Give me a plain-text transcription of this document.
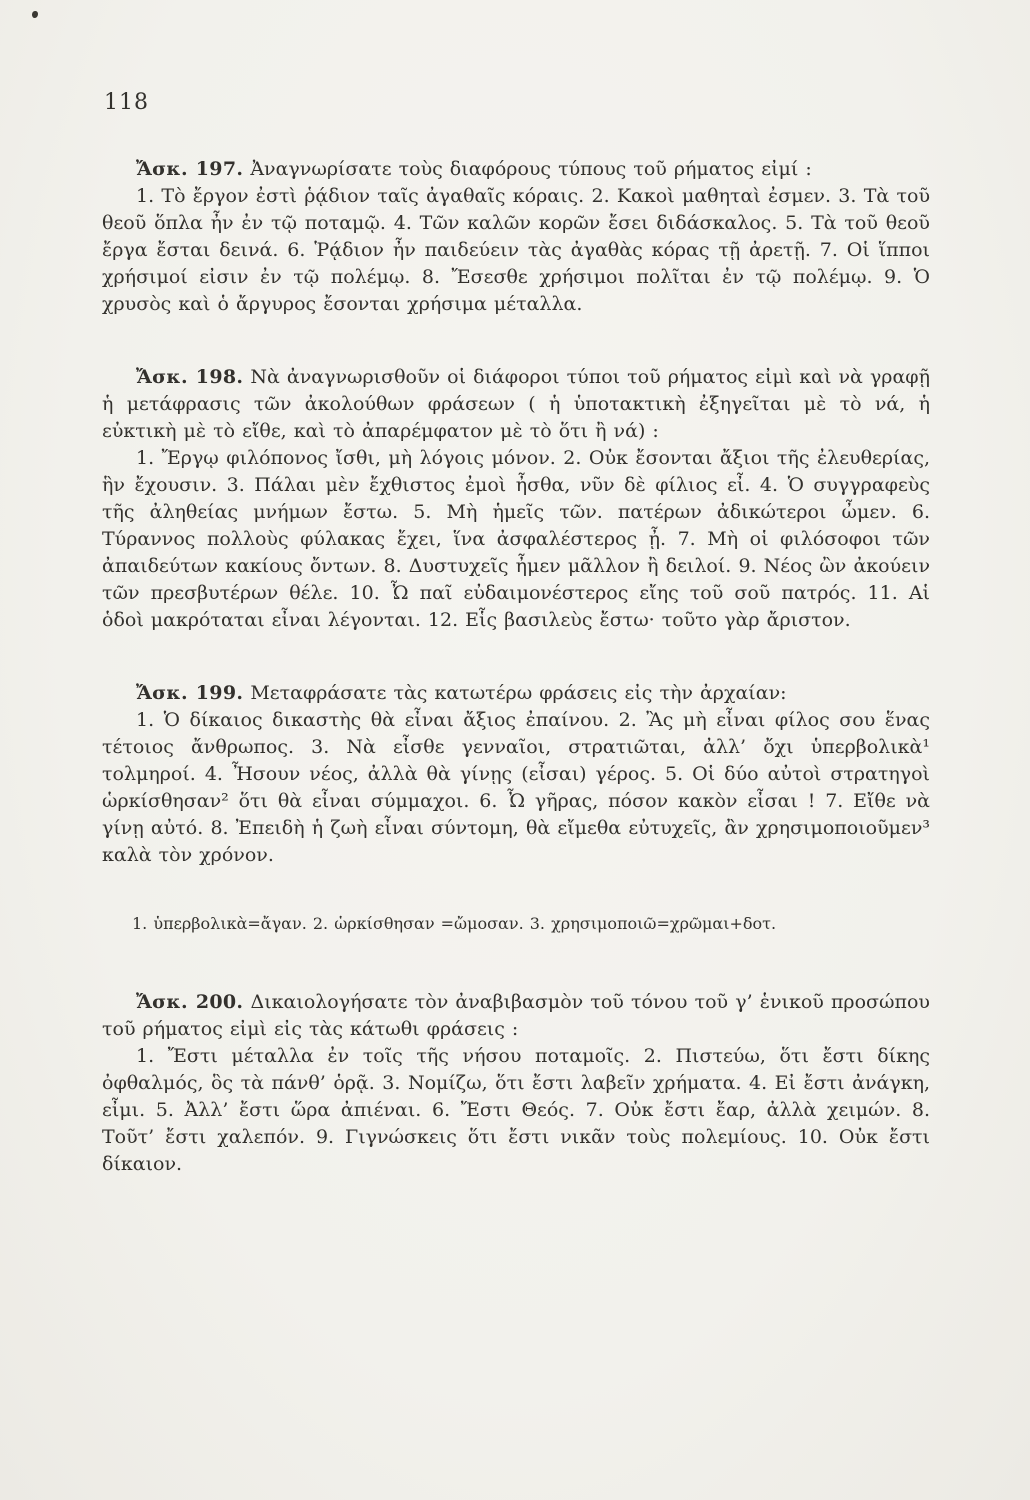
118

Ἄσκ. 197. Ἀναγνωρίσατε τοὺς διαφόρους τύπους τοῦ ρήματος εἰμί :

1. Τὸ ἔργον ἐστὶ ῥᾴδιον ταῖς ἀγαθαῖς κόραις. 2. Κακοὶ μαθηταὶ ἐσμεν. 3. Τὰ τοῦ θεοῦ ὅπλα ἦν ἐν τῷ ποταμῷ. 4. Τῶν καλῶν κορῶν ἔσει διδάσκαλος. 5. Τὰ τοῦ θεοῦ ἔργα ἔσται δεινά. 6. Ῥᾴδιον ἦν παιδεύειν τὰς ἀγαθὰς κόρας τῇ ἀρετῇ. 7. Οἱ ἵπποι χρήσιμοί εἰσιν ἐν τῷ πολέμῳ. 8. Ἔσεσθε χρήσιμοι πολῖται ἐν τῷ πολέμῳ. 9. Ὁ χρυσὸς καὶ ὁ ἄργυρος ἔσονται χρήσιμα μέταλλα.

Ἄσκ. 198. Νὰ ἀναγνωρισθοῦν οἱ διάφοροι τύποι τοῦ ρήματος εἰμὶ καὶ νὰ γραφῇ ἡ μετάφρασις τῶν ἀκολούθων φράσεων ( ἡ ὑποτακτικὴ ἐξηγεῖται μὲ τὸ νά, ἡ εὐκτικὴ μὲ τὸ εἴθε, καὶ τὸ ἀπαρέμφατον μὲ τὸ ὅτι ἢ νά) :

1. Ἔργῳ φιλόπονος ἴσθι, μὴ λόγοις μόνον. 2. Οὐκ ἔσονται ἄξιοι τῆς ἐλευθερίας, ἣν ἔχουσιν. 3. Πάλαι μὲν ἔχθιστος ἐμοὶ ἦσθα, νῦν δὲ φίλιος εἶ. 4. Ὁ συγγραφεὺς τῆς ἀληθείας μνήμων ἔστω. 5. Μὴ ἡμεῖς τῶν. πατέρων ἀδικώτεροι ὦμεν. 6. Τύραννος πολλοὺς φύλακας ἔχει, ἵνα ἀσφαλέστερος ᾖ. 7. Μὴ οἱ φιλόσοφοι τῶν ἀπαιδεύτων κακίους ὄντων. 8. Δυστυχεῖς ἦμεν μᾶλλον ἢ δειλοί. 9. Νέος ὢν ἀκούειν τῶν πρεσβυτέρων θέλε. 10. Ὦ παῖ εὐδαιμονέστερος εἴης τοῦ σοῦ πατρός. 11. Αἱ ὁδοὶ μακρόταται εἶναι λέγονται. 12. Εἷς βασιλεὺς ἔστω· τοῦτο γὰρ ἄριστον.

Ἄσκ. 199. Μεταφράσατε τὰς κατωτέρω φράσεις εἰς τὴν ἀρχαίαν:

1. Ὁ δίκαιος δικαστὴς θὰ εἶναι ἄξιος ἐπαίνου. 2. Ἂς μὴ εἶναι φίλος σου ἕνας τέτοιος ἄνθρωπος. 3. Νὰ εἶσθε γενναῖοι, στρατιῶται, ἀλλ’ ὄχι ὑπερβολικὰ¹ τολμηροί. 4. Ἦσουν νέος, ἀλλὰ θὰ γίνῃς (εἶσαι) γέρος. 5. Οἱ δύο αὐτοὶ στρατηγοὶ ὡρκίσθησαν² ὅτι θὰ εἶναι σύμμαχοι. 6. Ὦ γῆρας, πόσον κακὸν εἶσαι ! 7. Εἴθε νὰ γίνῃ αὐτό. 8. Ἐπειδὴ ἡ ζωὴ εἶναι σύντομη, θὰ εἴμεθα εὐτυχεῖς, ἂν χρησιμοποιοῦμεν³ καλὰ τὸν χρόνον.

1. ὑπερβολικὰ=ἄγαν. 2. ὡρκίσθησαν =ὤμοσαν. 3. χρησιμοποιῶ=χρῶμαι+δοτ.

Ἄσκ. 200. Δικαιολογήσατε τὸν ἀναβιβασμὸν τοῦ τόνου τοῦ γ’ ἑνικοῦ προσώπου τοῦ ρήματος εἰμὶ εἰς τὰς κάτωθι φράσεις :

1. Ἔστι μέταλλα ἐν τοῖς τῆς νήσου ποταμοῖς. 2. Πιστεύω, ὅτι ἔστι δίκης ὀφθαλμός, ὃς τὰ πάνθ’ ὁρᾷ. 3. Νομίζω, ὅτι ἔστι λαβεῖν χρήματα. 4. Εἰ ἔστι ἀνάγκη, εἶμι. 5. Ἀλλ’ ἔστι ὥρα ἀπιέναι. 6. Ἔστι Θεός. 7. Οὐκ ἔστι ἔαρ, ἀλλὰ χειμών. 8. Τοῦτ’ ἔστι χαλεπόν. 9. Γιγνώσκεις ὅτι ἔστι νικᾶν τοὺς πολεμίους. 10. Οὐκ ἔστι δίκαιον.
